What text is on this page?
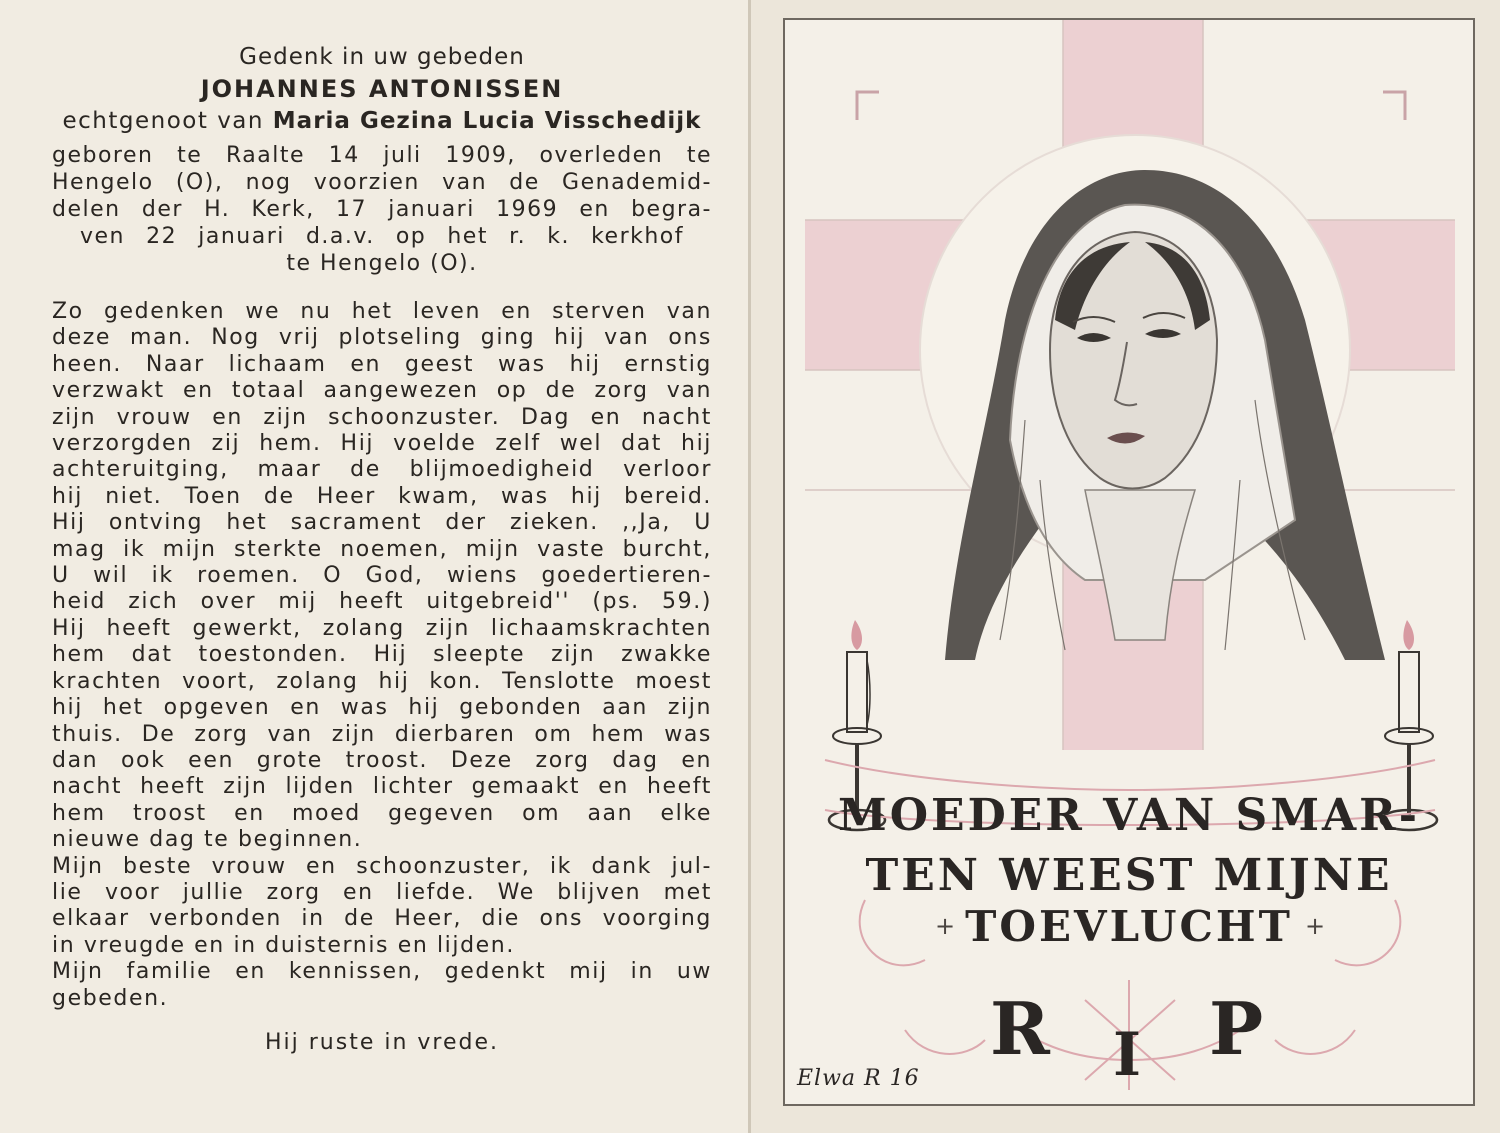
Gedenk in uw gebeden

JOHANNES ANTONISSEN

echtgenoot van Maria Gezina Lucia Visschedijk

geboren te Raalte 14 juli 1909, overleden te

Hengelo (O), nog voorzien van de Genademid-

delen der H. Kerk, 17 januari 1969 en begra-

ven 22 januari d.a.v. op het r. k. kerkhof

te Hengelo (O).

Zo gedenken we nu het leven en sterven van
deze man. Nog vrij plotseling ging hij van ons
heen. Naar lichaam en geest was hij ernstig
verzwakt en totaal aangewezen op de zorg van
zijn vrouw en zijn schoonzuster. Dag en nacht
verzorgden zij hem. Hij voelde zelf wel dat hij
achteruitging, maar de blijmoedigheid verloor
hij niet. Toen de Heer kwam, was hij bereid.
Hij ontving het sacrament der zieken. ,,Ja, U
mag ik mijn sterkte noemen, mijn vaste burcht,
U wil ik roemen. O God, wiens goedertieren-
heid zich over mij heeft uitgebreid'' (ps. 59.)
Hij heeft gewerkt, zolang zijn lichaamskrachten
hem dat toestonden. Hij sleepte zijn zwakke
krachten voort, zolang hij kon. Tenslotte moest
hij het opgeven en was hij gebonden aan zijn
thuis. De zorg van zijn dierbaren om hem was
dan ook een grote troost. Deze zorg dag en
nacht heeft zijn lijden lichter gemaakt en heeft
hem troost en moed gegeven om aan elke
nieuwe dag te beginnen.
Mijn beste vrouw en schoonzuster, ik dank jul-
lie voor jullie zorg en liefde. We blijven met
elkaar verbonden in de Heer, die ons voorging
in vreugde en in duisternis en lijden.
Mijn familie en kennissen, gedenkt mij in uw
gebeden.

Hij ruste in vrede.

MOEDER VAN SMAR-

TEN WEEST MIJNE

TOEVLUCHT

+	+
R I P
Elwa R 16
